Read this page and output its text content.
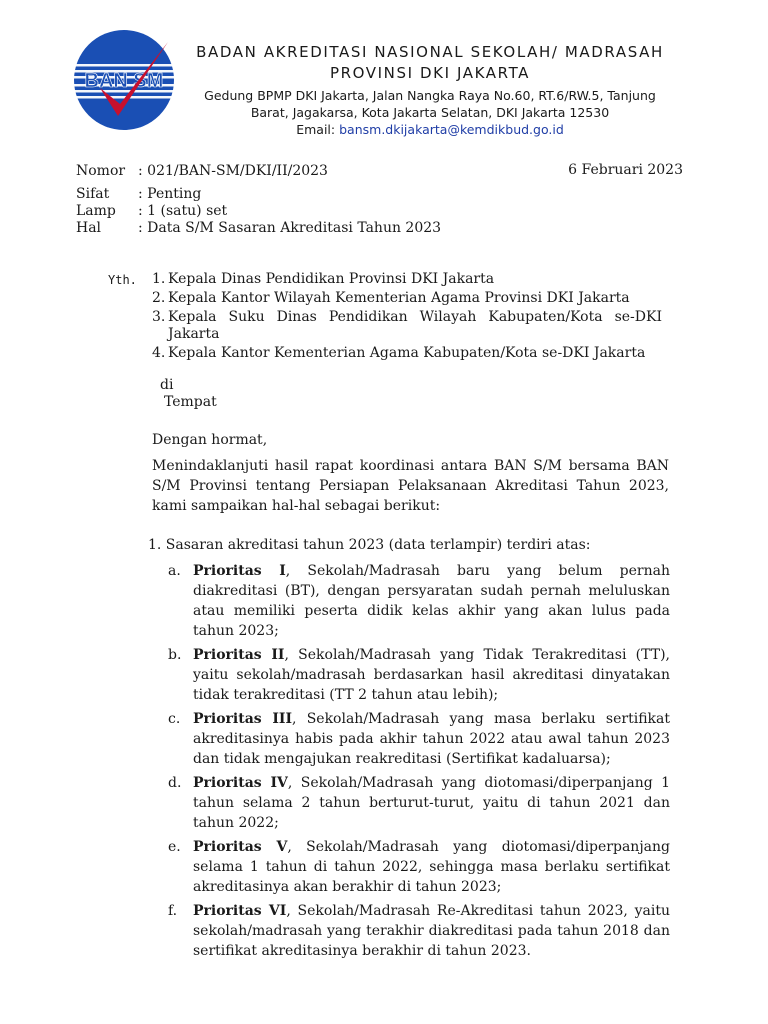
BAN SM
BADAN AKREDITASI NASIONAL SEKOLAH/ MADRASAH
PROVINSI DKI JAKARTA
Gedung BPMP DKI Jakarta, Jalan Nangka Raya No.60, RT.6/RW.5, Tanjung Barat, Jagakarsa, Kota Jakarta Selatan, DKI Jakarta 12530
Email: bansm.dkijakarta@kemdikbud.go.id
Nomor : 021/BAN-SM/DKI/II/2023	6 Februari 2023
Sifat	: Penting
Lamp	: 1 (satu) set
Hal	: Data S/M Sasaran Akreditasi Tahun 2023
Yth. 1. Kepala Dinas Pendidikan Provinsi DKI Jakarta
2. Kepala Kantor Wilayah Kementerian Agama Provinsi DKI Jakarta
3. Kepala Suku Dinas Pendidikan Wilayah Kabupaten/Kota se-DKI Jakarta
4. Kepala Kantor Kementerian Agama Kabupaten/Kota se-DKI Jakarta
di
Tempat
Dengan hormat,
Menindaklanjuti hasil rapat koordinasi antara BAN S/M bersama BAN S/M Provinsi tentang Persiapan Pelaksanaan Akreditasi Tahun 2023, kami sampaikan hal-hal sebagai berikut:
1. Sasaran akreditasi tahun 2023 (data terlampir) terdiri atas:
a. Prioritas I, Sekolah/Madrasah baru yang belum pernah diakreditasi (BT), dengan persyaratan sudah pernah meluluskan atau memiliki peserta didik kelas akhir yang akan lulus pada tahun 2023;
b. Prioritas II, Sekolah/Madrasah yang Tidak Terakreditasi (TT), yaitu sekolah/madrasah berdasarkan hasil akreditasi dinyatakan tidak terakreditasi (TT 2 tahun atau lebih);
c. Prioritas III, Sekolah/Madrasah yang masa berlaku sertifikat akreditasinya habis pada akhir tahun 2022 atau awal tahun 2023 dan tidak mengajukan reakreditasi (Sertifikat kadaluarsa);
d. Prioritas IV, Sekolah/Madrasah yang diotomasi/diperpanjang 1 tahun selama 2 tahun berturut-turut, yaitu di tahun 2021 dan tahun 2022;
e. Prioritas V, Sekolah/Madrasah yang diotomasi/diperpanjang selama 1 tahun di tahun 2022, sehingga masa berlaku sertifikat akreditasinya akan berakhir di tahun 2023;
f. Prioritas VI, Sekolah/Madrasah Re-Akreditasi tahun 2023, yaitu sekolah/madrasah yang terakhir diakreditasi pada tahun 2018 dan sertifikat akreditasinya berakhir di tahun 2023.
